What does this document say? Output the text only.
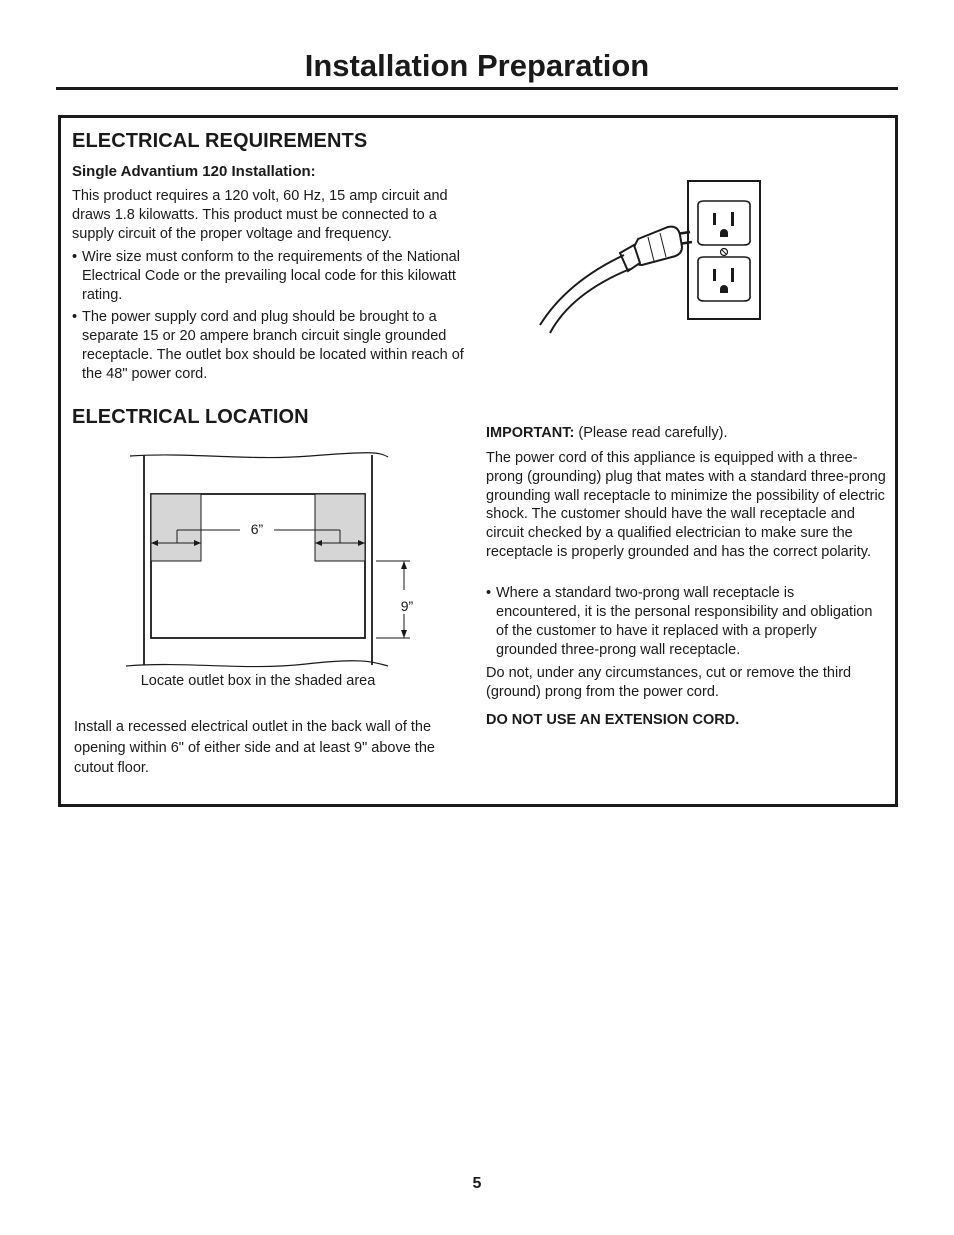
Installation Preparation
ELECTRICAL REQUIREMENTS

Single Advantium 120 Installation:

This product requires a 120 volt, 60 Hz, 15 amp circuit and draws 1.8 kilowatts. This product must be connected to a supply circuit of the proper voltage and frequency.

• Wire size must conform to the requirements of the National Electrical Code or the prevailing local code for this kilowatt rating.
• The power supply cord and plug should be brought to a separate 15 or 20 ampere branch circuit single grounded receptacle. The outlet box should be located within reach of the 48" power cord.
ELECTRICAL LOCATION
6”
9”
Locate outlet box in the shaded area

Install a recessed electrical outlet in the back wall of the opening within 6" of either side and at least 9" above the cutout floor.

IMPORTANT: (Please read carefully).

The power cord of this appliance is equipped with a three-prong (grounding) plug that mates with a standard three-prong grounding wall receptacle to minimize the possibility of electric shock. The customer should have the wall receptacle and circuit checked by a qualified electrician to make sure the receptacle is properly grounded and has the correct polarity.

• Where a standard two-prong wall receptacle is encountered, it is the personal responsibility and obligation of the customer to have it replaced with a properly grounded three-prong wall receptacle.

Do not, under any circumstances, cut or remove the third (ground) prong from the power cord.

DO NOT USE AN EXTENSION CORD.

5
